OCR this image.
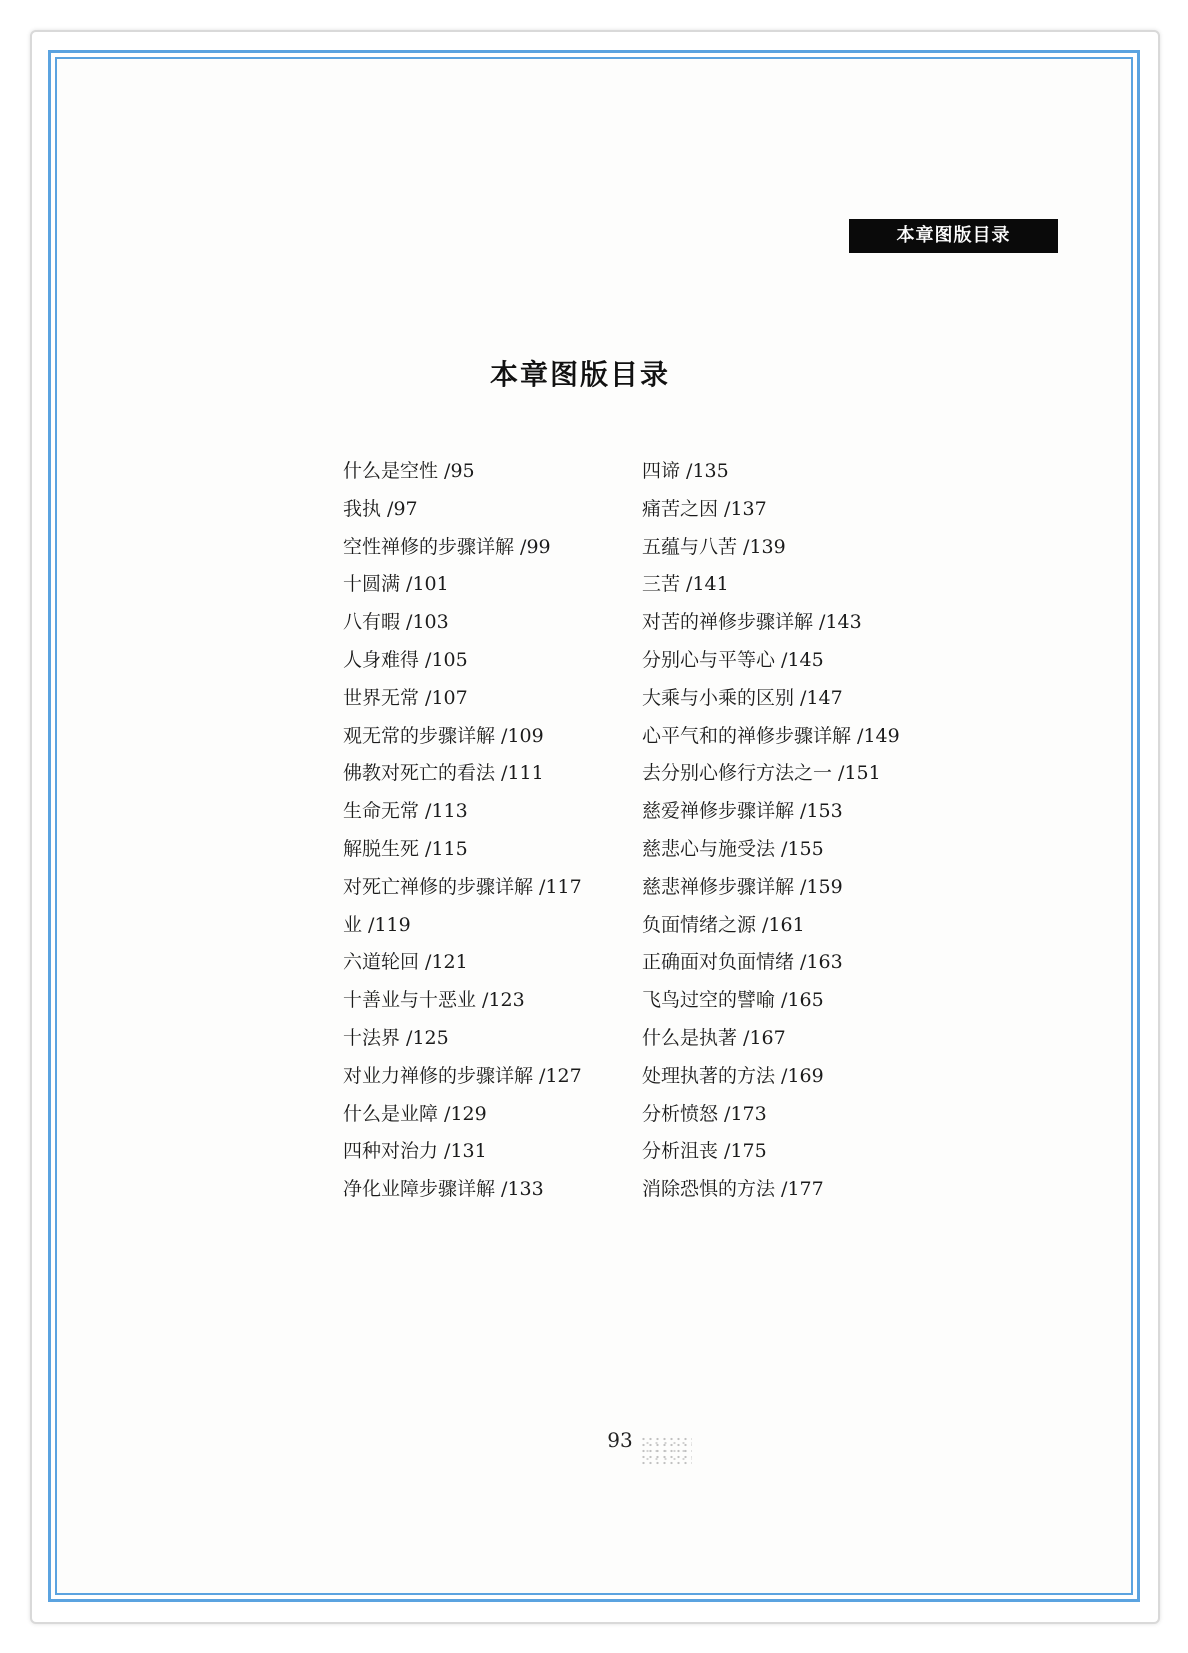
本章图版目录
本章图版目录
什么是空性 /95
我执 /97
空性禅修的步骤详解 /99
十圆满 /101
八有暇 /103
人身难得 /105
世界无常 /107
观无常的步骤详解 /109
佛教对死亡的看法 /111
生命无常 /113
解脱生死 /115
对死亡禅修的步骤详解 /117
业 /119
六道轮回 /121
十善业与十恶业 /123
十法界 /125
对业力禅修的步骤详解 /127
什么是业障 /129
四种对治力 /131
净化业障步骤详解 /133
四谛 /135
痛苦之因 /137
五蕴与八苦 /139
三苦 /141
对苦的禅修步骤详解 /143
分别心与平等心 /145
大乘与小乘的区别 /147
心平气和的禅修步骤详解 /149
去分别心修行方法之一 /151
慈爱禅修步骤详解 /153
慈悲心与施受法 /155
慈悲禅修步骤详解 /159
负面情绪之源 /161
正确面对负面情绪 /163
飞鸟过空的譬喻 /165
什么是执著 /167
处理执著的方法 /169
分析愤怒 /173
分析沮丧 /175
消除恐惧的方法 /177
93
